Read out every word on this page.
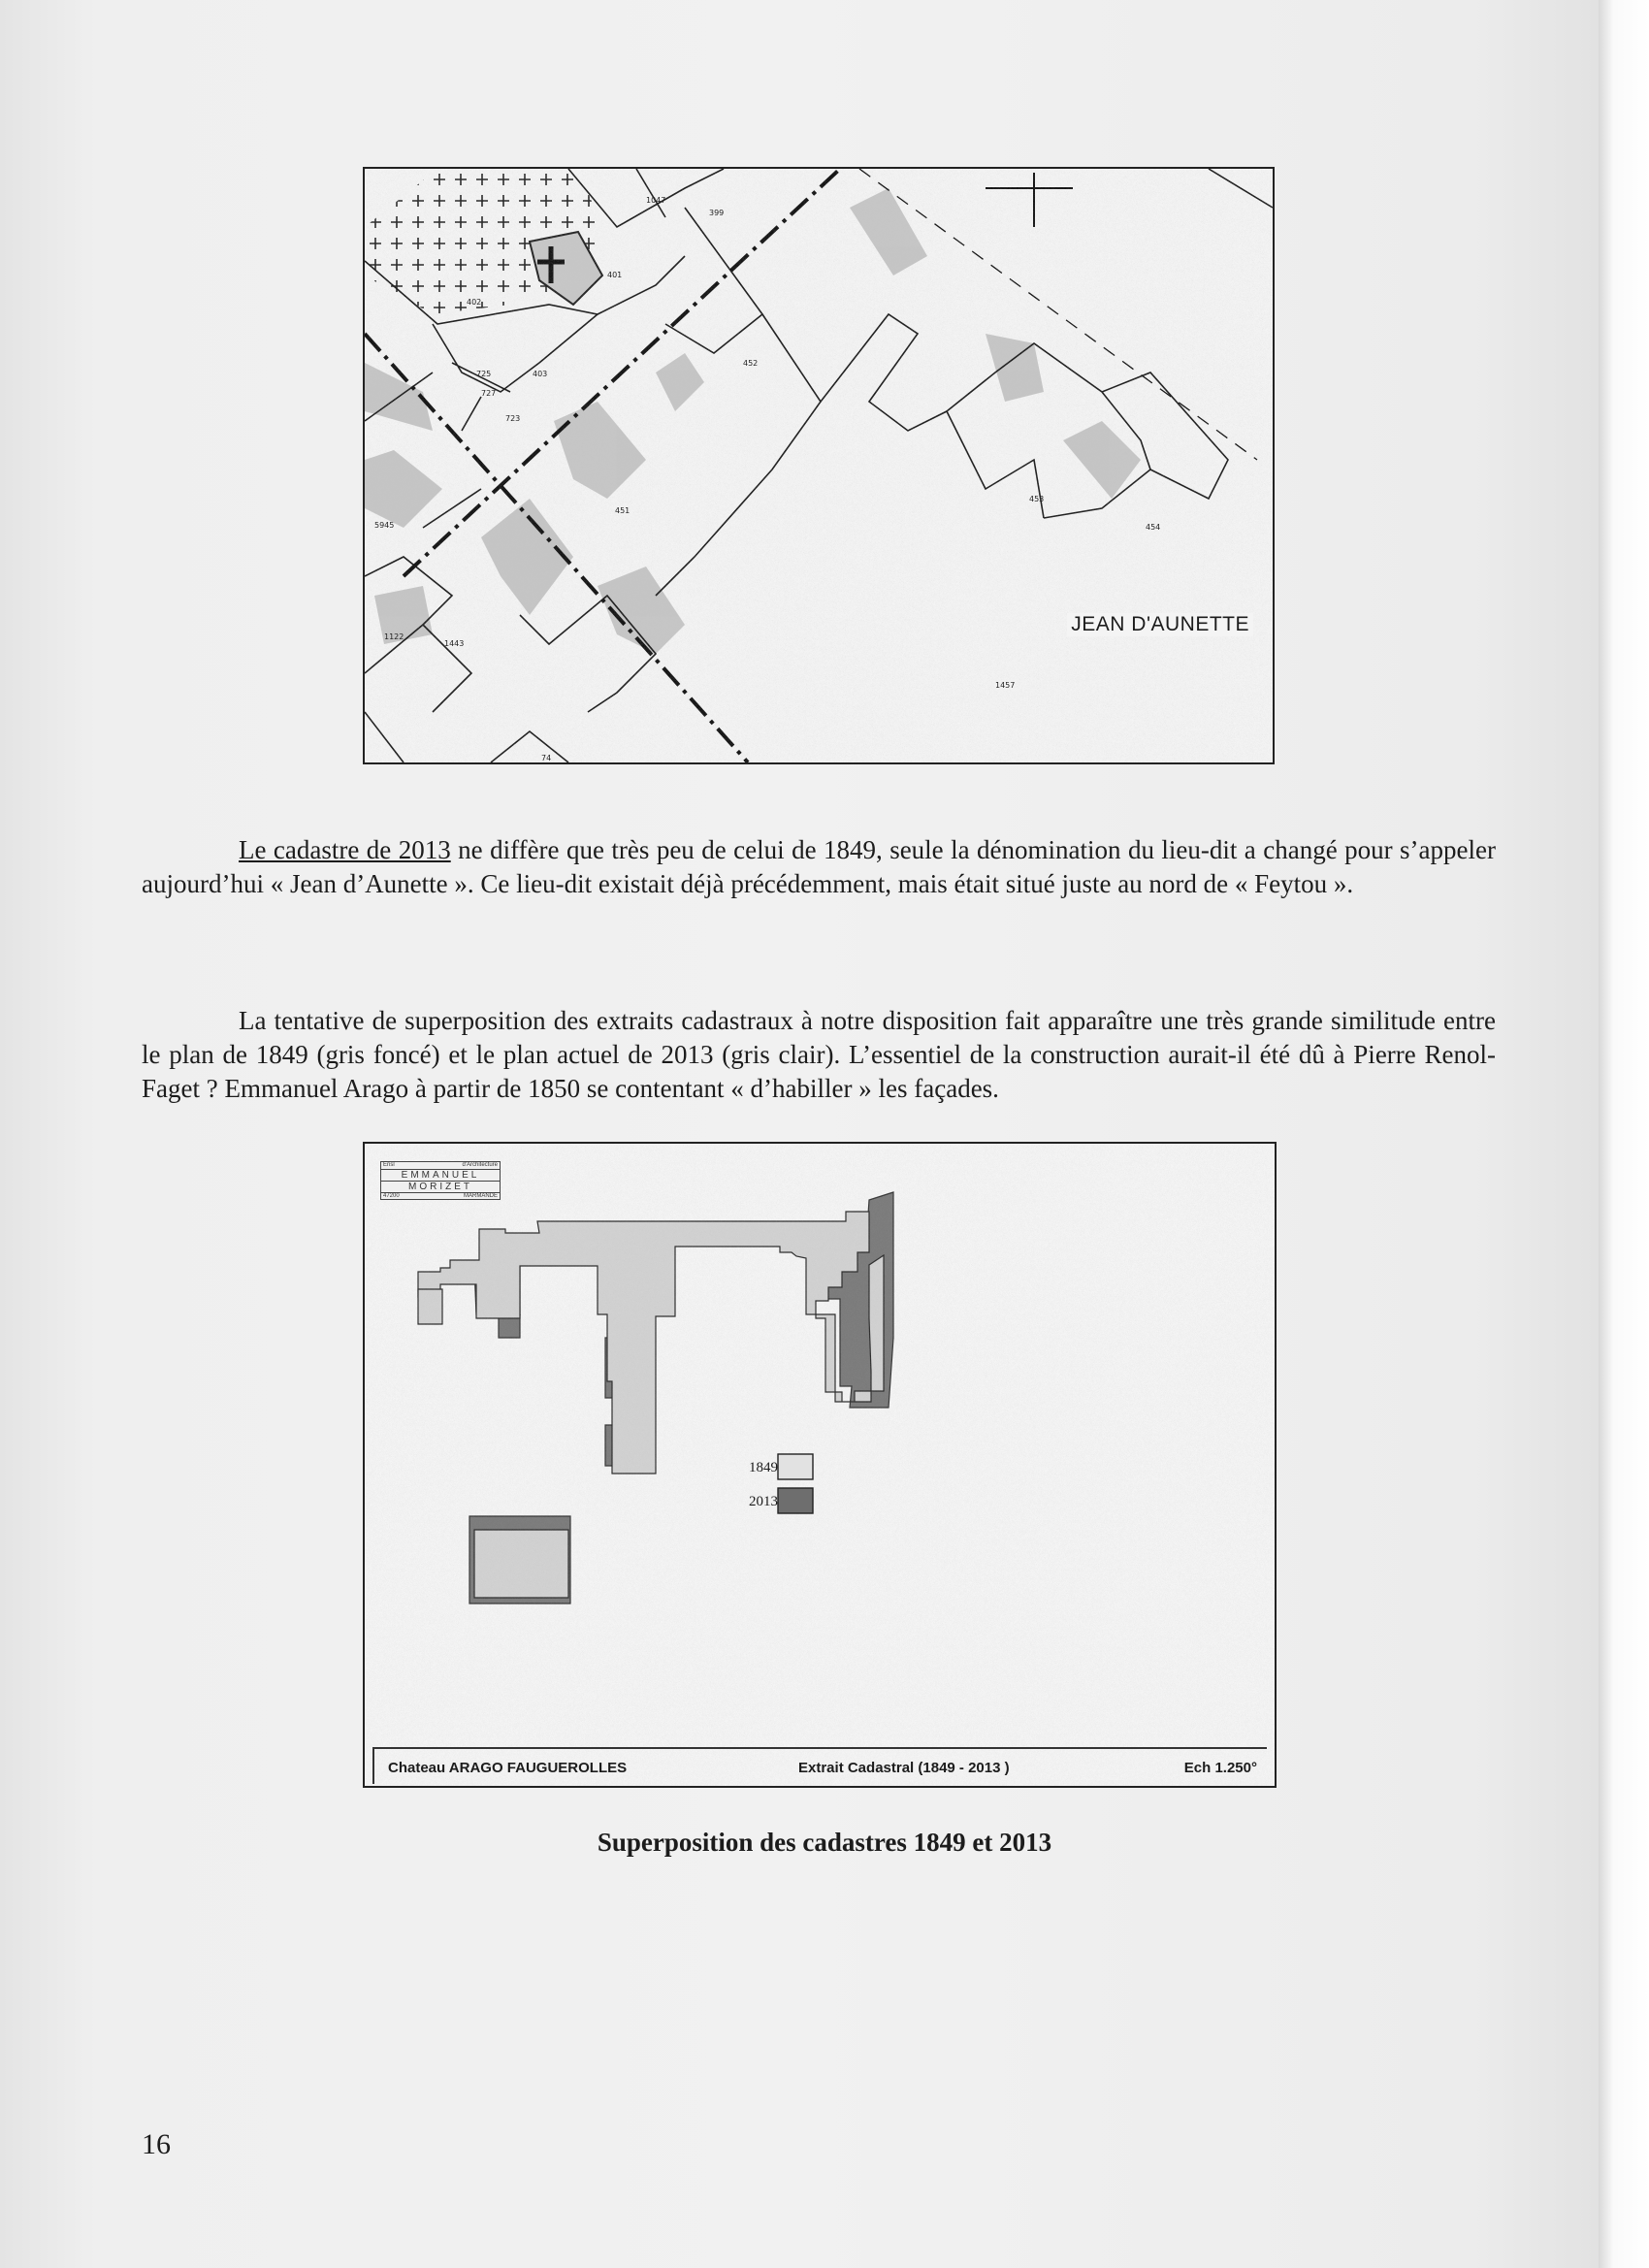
1047
399
401
402
725	403
727
723
452
451
453
454
5945
1122
1443
1457
74
JEAN D'AUNETTE

Le cadastre de 2013 ne diffère que très peu de celui de 1849, seule la dénomination du lieu-dit a changé pour s’appeler aujourd’hui « Jean d’Aunette ». Ce lieu-dit existait déjà précédemment, mais était situé juste au nord de « Feytou ».

La tentative de superposition des extraits cadastraux à notre disposition fait apparaître une très grande similitude entre le plan de 1849 (gris foncé) et le plan actuel de 2013 (gris clair). L’essentiel de la construction aurait-il été dû à Pierre Renol-Faget ? Emmanuel Arago à partir de 1850 se contentant « d’habiller » les façades.

Ensl	d'Architecture
EMMANUEL
MORIZET
47200	MARMANDE
1849
2013
Chateau ARAGO FAUGUEROLLES	Extrait Cadastral (1849 - 2013 )	Ech 1.250°
Superposition des cadastres 1849 et 2013
16
